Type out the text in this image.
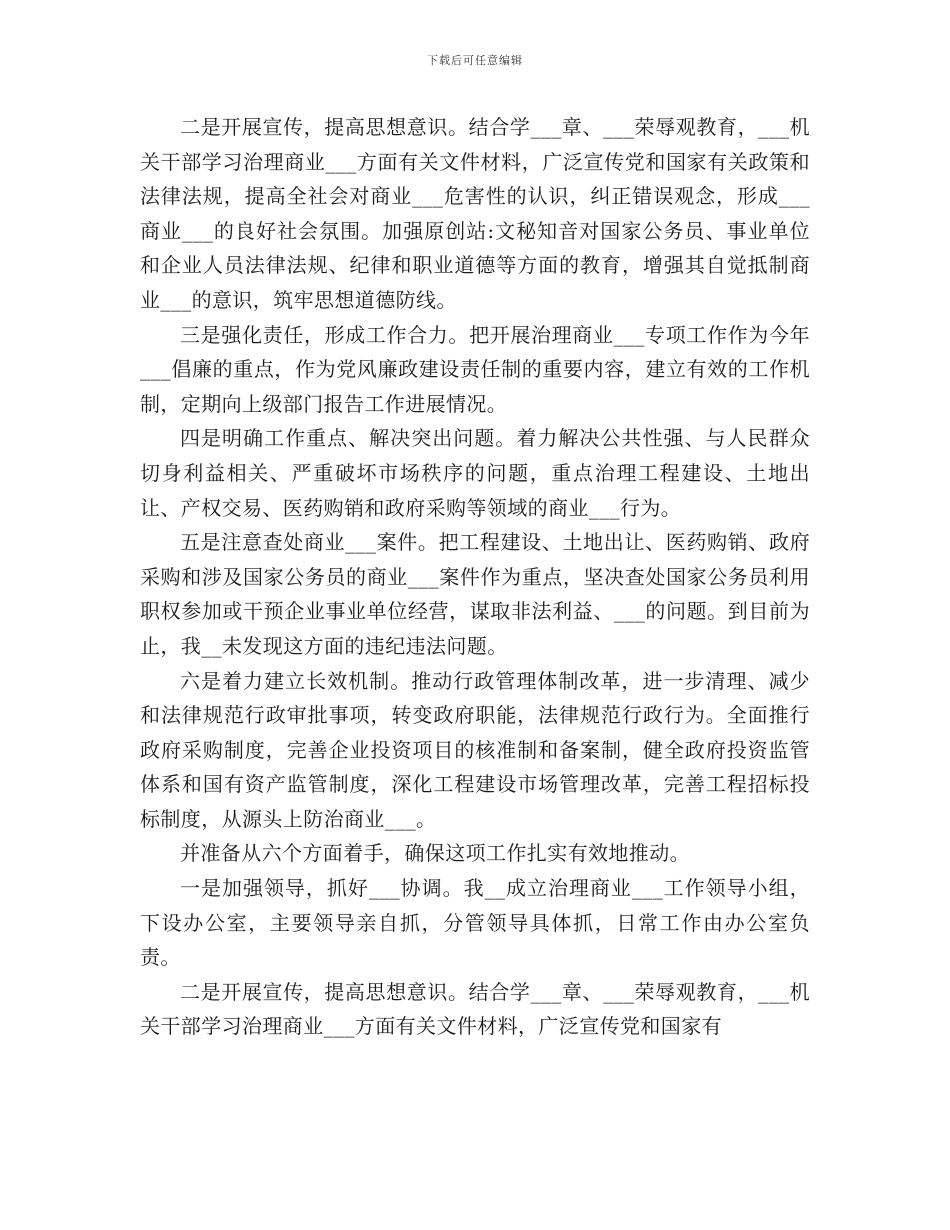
下载后可任意编辑

二是开展宣传，提高思想意识。结合学___章、___荣辱观教育，___机关干部学习治理商业___方面有关文件材料，广泛宣传党和国家有关政策和法律法规，提高全社会对商业___危害性的认识，纠正错误观念，形成___商业___的良好社会氛围。加强原创站:文秘知音对国家公务员、事业单位和企业人员法律法规、纪律和职业道德等方面的教育，增强其自觉抵制商业___的意识，筑牢思想道德防线。

三是强化责任，形成工作合力。把开展治理商业___专项工作作为今年___倡廉的重点，作为党风廉政建设责任制的重要内容，建立有效的工作机制，定期向上级部门报告工作进展情况。

四是明确工作重点、解决突出问题。着力解决公共性强、与人民群众切身利益相关、严重破坏市场秩序的问题，重点治理工程建设、土地出让、产权交易、医药购销和政府采购等领域的商业___行为。

五是注意查处商业___案件。把工程建设、土地出让、医药购销、政府采购和涉及国家公务员的商业___案件作为重点，坚决查处国家公务员利用职权参加或干预企业事业单位经营，谋取非法利益、___的问题。到目前为止，我__未发现这方面的违纪违法问题。

六是着力建立长效机制。推动行政管理体制改革，进一步清理、减少和法律规范行政审批事项，转变政府职能，法律规范行政行为。全面推行政府采购制度，完善企业投资项目的核准制和备案制，健全政府投资监管体系和国有资产监管制度，深化工程建设市场管理改革，完善工程招标投标制度，从源头上防治商业___。

并准备从六个方面着手，确保这项工作扎实有效地推动。

一是加强领导，抓好___协调。我__成立治理商业___工作领导小组，下设办公室，主要领导亲自抓，分管领导具体抓，日常工作由办公室负责。

二是开展宣传，提高思想意识。结合学___章、___荣辱观教育，___机关干部学习治理商业___方面有关文件材料，广泛宣传党和国家有
